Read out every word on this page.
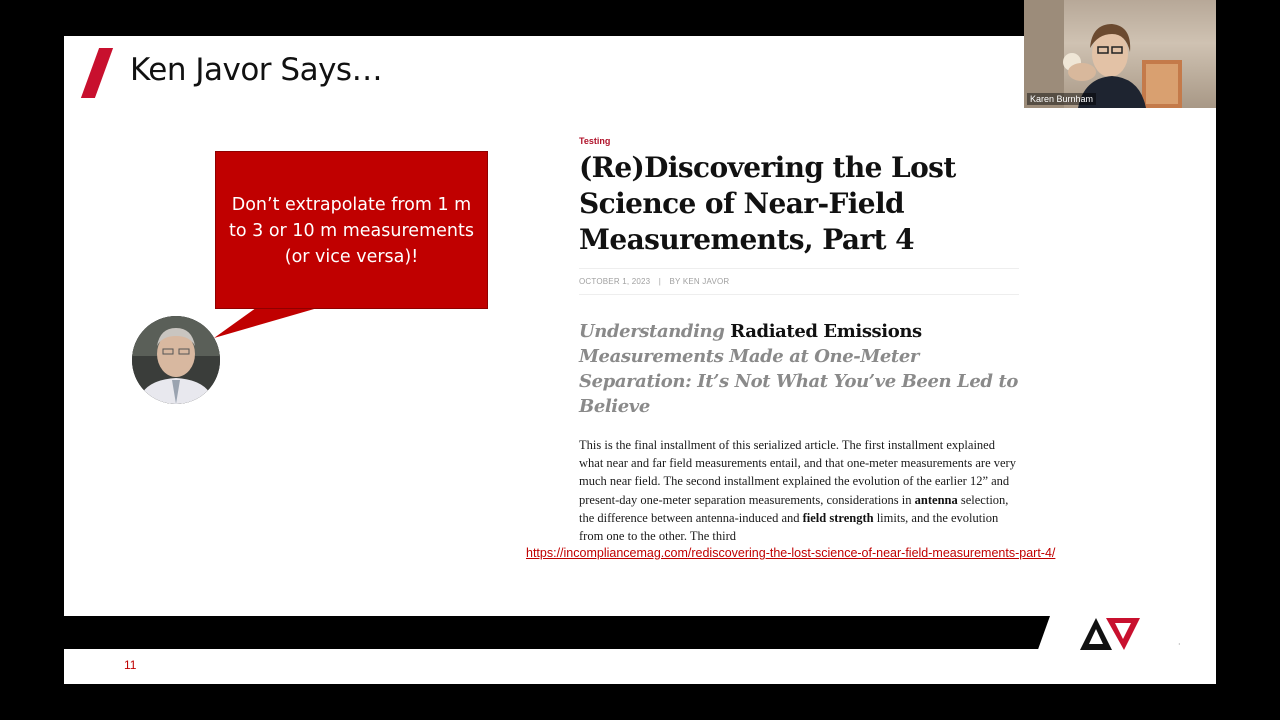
Ken Javor Says…
Don’t extrapolate from 1 m to 3 or 10 m measurements (or vice versa)!
Testing
(Re)Discovering the Lost Science of Near-Field Measurements, Part 4
OCTOBER 1, 2023 | BY KEN JAVOR
Understanding Radiated Emissions Measurements Made at One-Meter Separation: It’s Not What You’ve Been Led to Believe
This is the final installment of this serialized article. The first installment explained what near and far field measurements entail, and that one-meter measurements are very much near field. The second installment explained the evolution of the earlier 12” and present-day one-meter separation measurements, considerations in antenna selection, the difference between antenna-induced and field strength limits, and the evolution from one to the other. The third
https://incompliancemag.com/rediscovering-the-lost-science-of-near-field-measurements-part-4/
11
·
Karen Burnham
